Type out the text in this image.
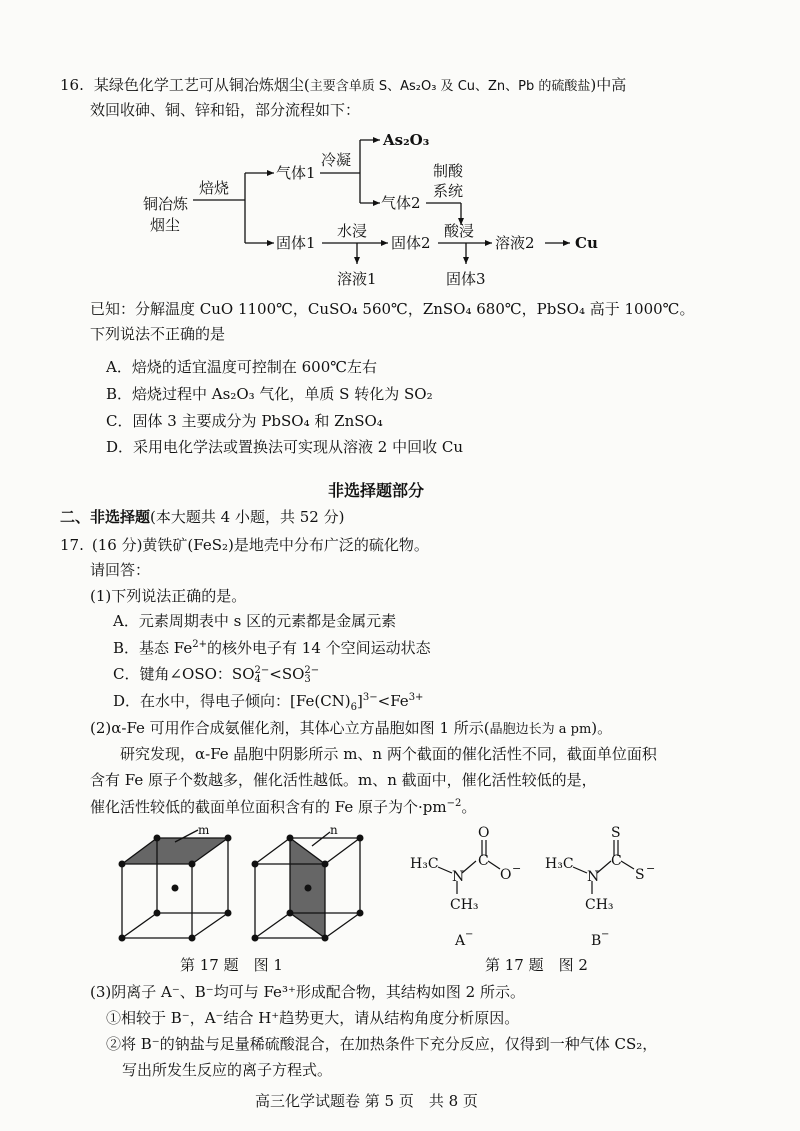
16. 某绿色化学工艺可从铜冶炼烟尘(主要含单质 S、As₂O₃ 及 Cu、Zn、Pb 的硫酸盐)中高
效回收砷、铜、锌和铅，部分流程如下：
铜冶炼
烟尘
焙烧
气体1
冷凝
As₂O₃
气体2
制酸
系统
固体1
水浸
固体2
酸浸
溶液2	Cu
溶液1	固体3
已知：分解温度 CuO 1100℃，CuSO₄ 560℃，ZnSO₄ 680℃，PbSO₄ 高于 1000℃。
下列说法不正确的是
A．焙烧的适宜温度可控制在 600℃左右
B．焙烧过程中 As₂O₃ 气化，单质 S 转化为 SO₂
C．固体 3 主要成分为 PbSO₄ 和 ZnSO₄
D．采用电化学法或置换法可实现从溶液 2 中回收 Cu
非选择题部分
二、非选择题(本大题共 4 小题，共 52 分)
17. (16 分)黄铁矿(FeS₂)是地壳中分布广泛的硫化物。
请回答：
(1)下列说法正确的是。
A．元素周期表中 s 区的元素都是金属元素
B．基态 $Fe^{2+}$的核外电子有 14 个空间运动状态
C．键角∠OSO：SO 2−
4 <SO 2−
3
D．在水中，得电子倾向：$[Fe(CN)_6]^{3-}<Fe^{3+}$
(2)α-Fe 可用作合成氨催化剂，其体心立方晶胞如图 1 所示(晶胞边长为 a pm)。
研究发现，α-Fe 晶胞中阴影所示 m、n 两个截面的催化活性不同，截面单位面积
含有 Fe 原子个数越多，催化活性越低。m、n 截面中，催化活性较低的是，
催化活性较低的截面单位面积含有的 Fe 原子为个$\cdot pm^{-2}$。
m	n
H₃C
N
C
O
O −
CH₃
A −
H₃C
N
C
S
S −
CH₃
B −
第 17 题　图 1	第 17 题　图 2
(3)阴离子 A⁻、B⁻均可与 Fe³⁺形成配合物，其结构如图 2 所示。
①相较于 B⁻，A⁻结合 H⁺趋势更大，请从结构角度分析原因。
②将 B⁻的钠盐与足量稀硫酸混合，在加热条件下充分反应，仅得到一种气体 CS₂，
写出所发生反应的离子方程式。
高三化学试题卷 第 5 页　共 8 页
